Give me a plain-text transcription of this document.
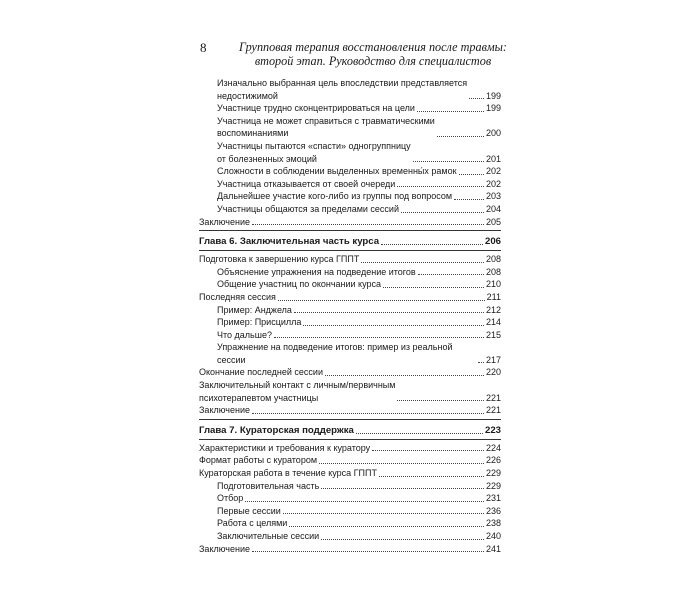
8	Групповая терапия восстановления после травмы:
второй этап. Руководство для специалистов
Изначально выбранная цель впоследствии представляется
недостижимой	199
Участнице трудно сконцентрироваться на цели	199
Участница не может справиться с травматическими
воспоминаниями	200
Участницы пытаются «спасти» одногруппницу
от болезненных эмоций	201
Сложности в соблюдении выделенных временны́х рамок	202
Участница отказывается от своей очереди	202
Дальнейшее участие кого-либо из группы под вопросом	203
Участницы общаются за пределами сессий	204
Заключение	205
Глава 6. Заключительная часть курса	206
Подготовка к завершению курса ГППТ	208
Объяснение упражнения на подведение итогов	208
Общение участниц по окончании курса	210
Последняя сессия	211
Пример: Анджела	212
Пример: Присцилла	214
Что дальше?	215
Упражнение на подведение итогов: пример из реальной сессии	217
Окончание последней сессии	220
Заключительный контакт с личным/первичным
психотерапевтом участницы	221
Заключение	221
Глава 7. Кураторская поддержка	223
Характеристики и требования к куратору	224
Формат работы с куратором	226
Кураторская работа в течение курса ГППТ	229
Подготовительная часть	229
Отбор	231
Первые сессии	236
Работа с целями	238
Заключительные сессии	240
Заключение	241
